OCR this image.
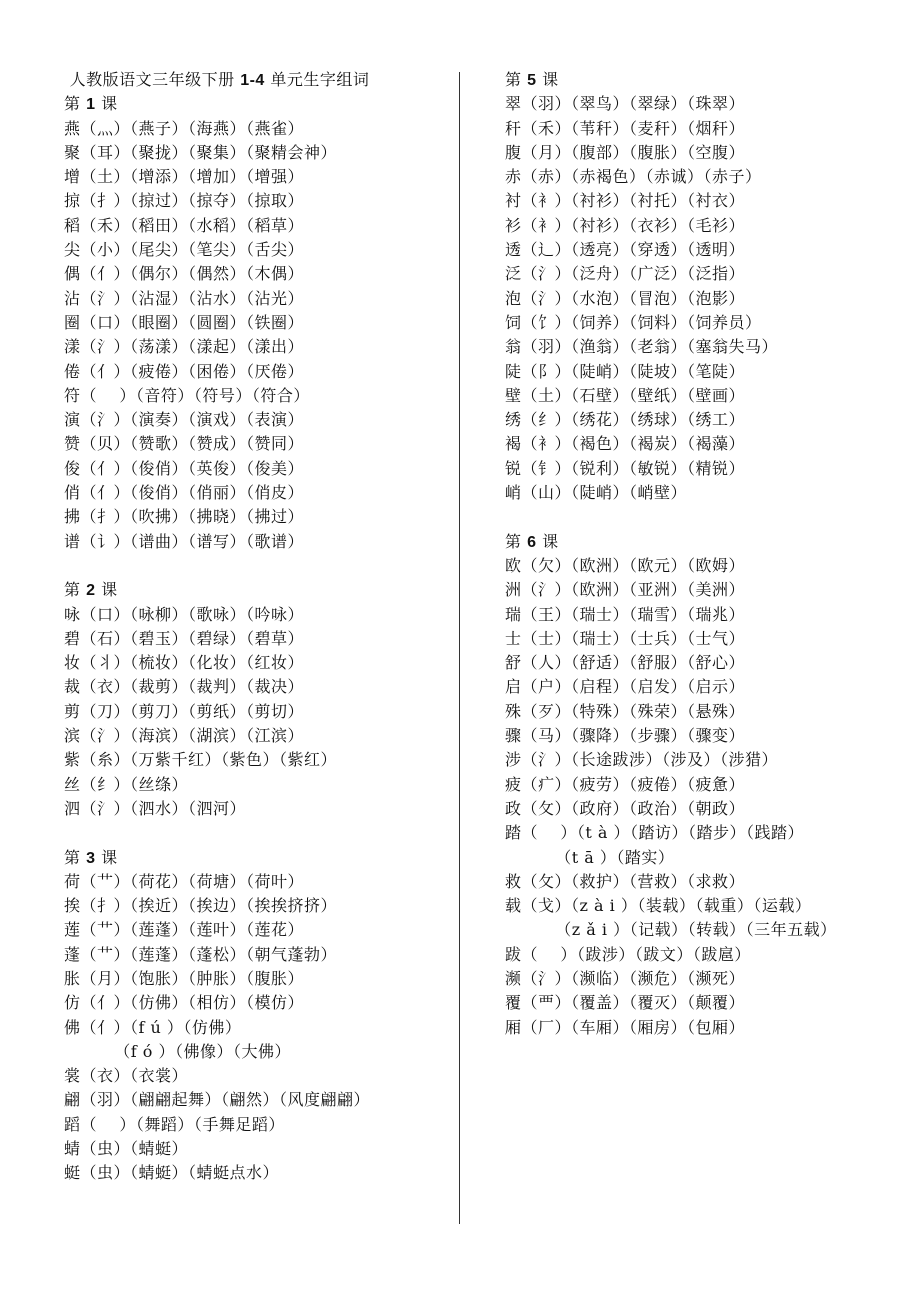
人教版语文三年级下册 1-4 单元生字组词
第 1 课
燕（灬）（燕子）（海燕）（燕雀）
聚（耳）（聚拢）（聚集）（聚精会神）
增（土）（增添）（增加）（增强）
掠（扌）（掠过）（掠夺）（掠取）
稻（禾）（稻田）（水稻）（稻草）
尖（小）（尾尖）（笔尖）（舌尖）
偶（亻）（偶尔）（偶然）（木偶）
沾（氵）（沾湿）（沾水）（沾光）
圈（口）（眼圈）（圆圈）（铁圈）
漾（氵）（荡漾）（漾起）（漾出）
倦（亻）（疲倦）（困倦）（厌倦）
符（    ）（音符）（符号）（符合）
演（氵）（演奏）（演戏）（表演）
赞（贝）（赞歌）（赞成）（赞同）
俊（亻）（俊俏）（英俊）（俊美）
俏（亻）（俊俏）（俏丽）（俏皮）
拂（扌）（吹拂）（拂晓）（拂过）
谱（讠）（谱曲）（谱写）（歌谱）
第 2 课
咏（口）（咏柳）（歌咏）（吟咏）
碧（石）（碧玉）（碧绿）（碧草）
妆（丬）（梳妆）（化妆）（红妆）
裁（衣）（裁剪）（裁判）（裁决）
剪（刀）（剪刀）（剪纸）（剪切）
滨（氵）（海滨）（湖滨）（江滨）
紫（糸）（万紫千红）（紫色）（紫红）
丝（纟）（丝绦）
泗（氵）（泗水）（泗河）
第 3 课
荷（艹）（荷花）（荷塘）（荷叶）
挨（扌）（挨近）（挨边）（挨挨挤挤）
莲（艹）（莲蓬）（莲叶）（莲花）
蓬（艹）（莲蓬）（蓬松）（朝气蓬勃）
胀（月）（饱胀）（肿胀）（腹胀）
仿（亻）（仿佛）（相仿）（模仿）
佛（亻）（f ú ）（仿佛）
（f ó ）（佛像）（大佛）
裳（衣）（衣裳）
翩（羽）（翩翩起舞）（翩然）（风度翩翩）
蹈（    ）（舞蹈）（手舞足蹈）
蜻（虫）（蜻蜓）
蜓（虫）（蜻蜓）（蜻蜓点水）
第 5 课
翠（羽）（翠鸟）（翠绿）（珠翠）
秆（禾）（苇秆）（麦秆）（烟秆）
腹（月）（腹部）（腹胀）（空腹）
赤（赤）（赤褐色）（赤诚）（赤子）
衬（衤）（衬衫）（衬托）（衬衣）
衫（衤）（衬衫）（衣衫）（毛衫）
透（辶）（透亮）（穿透）（透明）
泛（氵）（泛舟）（广泛）（泛指）
泡（氵）（水泡）（冒泡）（泡影）
饲（饣）（饲养）（饲料）（饲养员）
翁（羽）（渔翁）（老翁）（塞翁失马）
陡（阝）（陡峭）（陡坡）（笔陡）
壁（土）（石壁）（壁纸）（壁画）
绣（纟）（绣花）（绣球）（绣工）
褐（衤）（褐色）（褐炭）（褐藻）
锐（钅）（锐利）（敏锐）（精锐）
峭（山）（陡峭）（峭壁）
第 6 课
欧（欠）（欧洲）（欧元）（欧姆）
洲（氵）（欧洲）（亚洲）（美洲）
瑞（王）（瑞士）（瑞雪）（瑞兆）
士（士）（瑞士）（士兵）（士气）
舒（人）（舒适）（舒服）（舒心）
启（户）（启程）（启发）（启示）
殊（歹）（特殊）（殊荣）（悬殊）
骤（马）（骤降）（步骤）（骤变）
涉（氵）（长途跋涉）（涉及）（涉猎）
疲（疒）（疲劳）（疲倦）（疲惫）
政（攵）（政府）（政治）（朝政）
踏（    ）（t à ）（踏访）（踏步）（践踏）
（t ā ）（踏实）
救（攵）（救护）（营救）（求救）
载（戈）（z à i ）（装载）（载重）（运载）
（z ǎ i ）（记载）（转载）（三年五载）
跋（    ）（跋涉）（跋文）（跋扈）
濒（氵）（濒临）（濒危）（濒死）
覆（覀）（覆盖）（覆灭）（颠覆）
厢（厂）（车厢）（厢房）（包厢）
